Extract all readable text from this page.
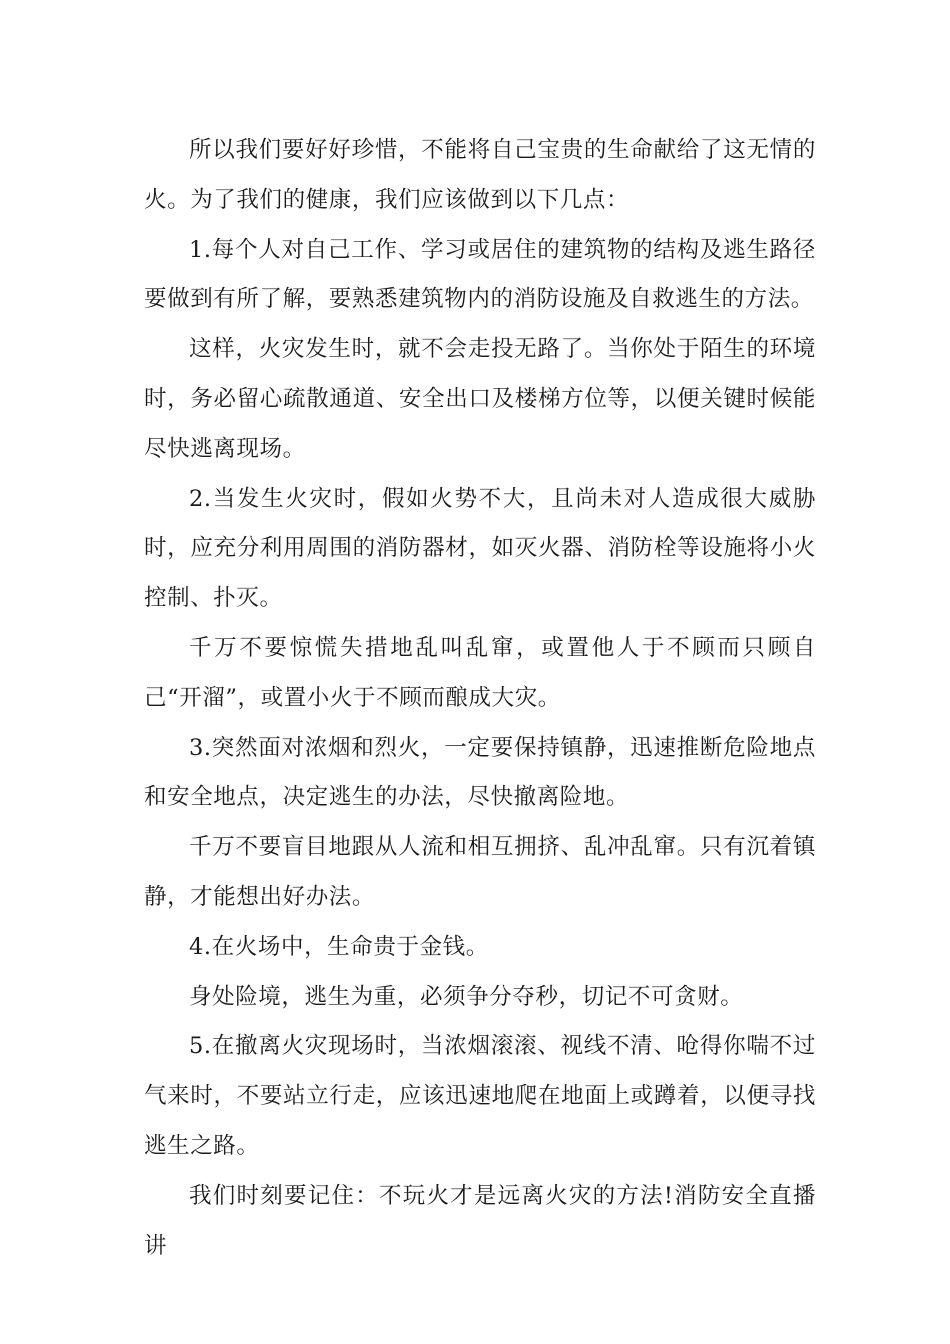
所以我们要好好珍惜，不能将自己宝贵的生命献给了这无情的火。为了我们的健康，我们应该做到以下几点：

1.每个人对自己工作、学习或居住的建筑物的结构及逃生路径要做到有所了解，要熟悉建筑物内的消防设施及自救逃生的方法。

这样，火灾发生时，就不会走投无路了。当你处于陌生的环境时，务必留心疏散通道、安全出口及楼梯方位等，以便关键时候能尽快逃离现场。

2.当发生火灾时，假如火势不大，且尚未对人造成很大威胁时，应充分利用周围的消防器材，如灭火器、消防栓等设施将小火控制、扑灭。

千万不要惊慌失措地乱叫乱窜，或置他人于不顾而只顾自己“开溜”，或置小火于不顾而酿成大灾。

3.突然面对浓烟和烈火，一定要保持镇静，迅速推断危险地点和安全地点，决定逃生的办法，尽快撤离险地。

千万不要盲目地跟从人流和相互拥挤、乱冲乱窜。只有沉着镇静，才能想出好办法。

4.在火场中，生命贵于金钱。

身处险境，逃生为重，必须争分夺秒，切记不可贪财。

5.在撤离火灾现场时，当浓烟滚滚、视线不清、呛得你喘不过气来时，不要站立行走，应该迅速地爬在地面上或蹲着，以便寻找逃生之路。

我们时刻要记住：不玩火才是远离火灾的方法!消防安全直播讲
